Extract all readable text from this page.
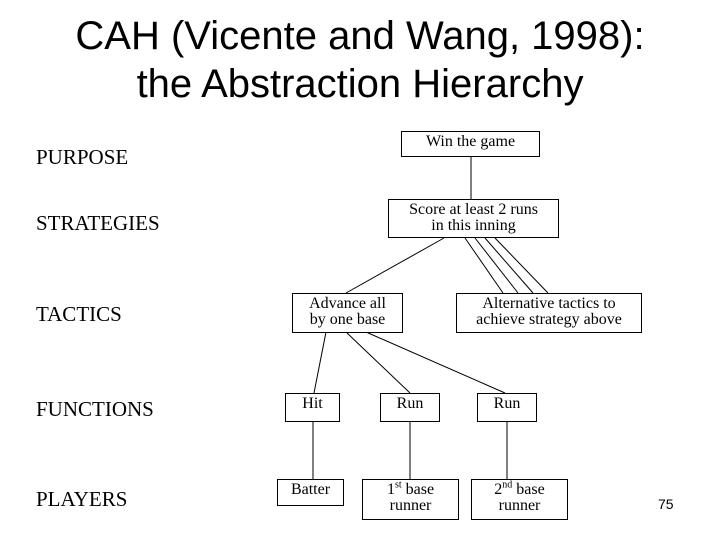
CAH (Vicente and Wang, 1998):
the Abstraction Hierarchy
PURPOSE
STRATEGIES
TACTICS
FUNCTIONS
PLAYERS
Win the game
Score at least 2 runs
in this inning
Advance all
by one base
Alternative tactics to
achieve strategy above
Hit	Run	Run
Batter	1st base
runner
2nd base
runner	75
